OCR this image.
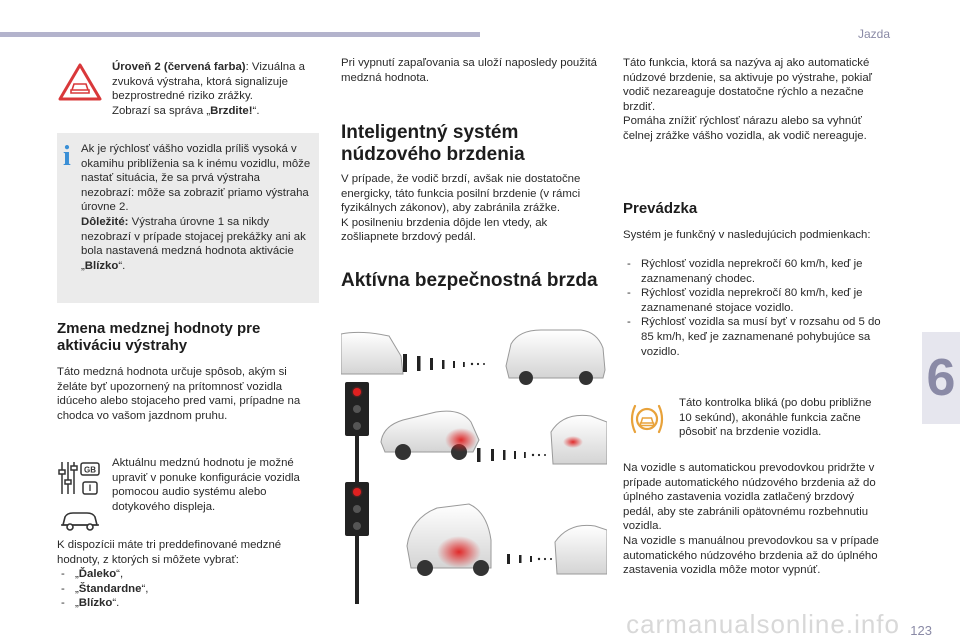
Jazda
Úroveň 2 (červená farba): Vizuálna a zvuková výstraha, ktorá signalizuje bezprostredné riziko zrážky.
Zobrazí sa správa „Brzdite!“.
i Ak je rýchlosť vášho vozidla príliš vysoká v okamihu priblíženia sa k inému vozidlu, môže nastať situácia, že sa prvá výstraha nezobrazí: môže sa zobraziť priamo výstraha úrovne 2.
Dôležité: Výstraha úrovne 1 sa nikdy nezobrazí v prípade stojacej prekážky ani ak bola nastavená medzná hodnota aktivácie „Blízko“.
Zmena medznej hodnoty pre aktiváciu výstrahy

Táto medzná hodnota určuje spôsob, akým si želáte byť upozornený na prítomnosť vozidla idúceho alebo stojaceho pred vami, prípadne na chodca vo vašom jazdnom pruhu.

GB
I

Aktuálnu medznú hodnotu je možné upraviť v ponuke konfigurácie vozidla pomocou audio systému alebo dotykového displeja.

K dispozícii máte tri preddefinované medzné hodnoty, z ktorých si môžete vybrať:

- „Ďaleko“,
- „Štandardne“,
- „Blízko“.

Pri vypnutí zapaľovania sa uloží naposledy použitá medzná hodnota.

Inteligentný systém núdzového brzdenia

V prípade, že vodič brzdí, avšak nie dostatočne energicky, táto funkcia posilní brzdenie (v rámci fyzikálnych zákonov), aby zabránila zrážke.
K posilneniu brzdenia dôjde len vtedy, ak zošliapnete brzdový pedál.

Aktívna bezpečnostná brzda

Táto funkcia, ktorá sa nazýva aj ako automatické núdzové brzdenie, sa aktivuje po výstrahe, pokiaľ vodič nezareaguje dostatočne rýchlo a nezačne brzdiť.
Pomáha znížiť rýchlosť nárazu alebo sa vyhnúť čelnej zrážke vášho vozidla, ak vodič nereaguje.

Prevádzka

Systém je funkčný v nasledujúcich podmienkach:

- Rýchlosť vozidla neprekročí 60 km/h, keď je zaznamenaný chodec.
- Rýchlosť vozidla neprekročí 80 km/h, keď je zaznamenané stojace vozidlo.
- Rýchlosť vozidla sa musí byť v rozsahu od 5 do 85 km/h, keď je zaznamenané pohybujúce sa vozidlo.

Táto kontrolka bliká (po dobu približne 10 sekúnd), akonáhle funkcia začne pôsobiť na brzdenie vozidla.

Na vozidle s automatickou prevodovkou pridržte v prípade automatického núdzového brzdenia až do úplného zastavenia vozidla zatlačený brzdový pedál, aby ste zabránili opätovnému rozbehnutiu vozidla.
Na vozidle s manuálnou prevodovkou sa v prípade automatického núdzového brzdenia až do úplného zastavenia vozidla môže motor vypnúť.

6
carmanualsonline.info 123
